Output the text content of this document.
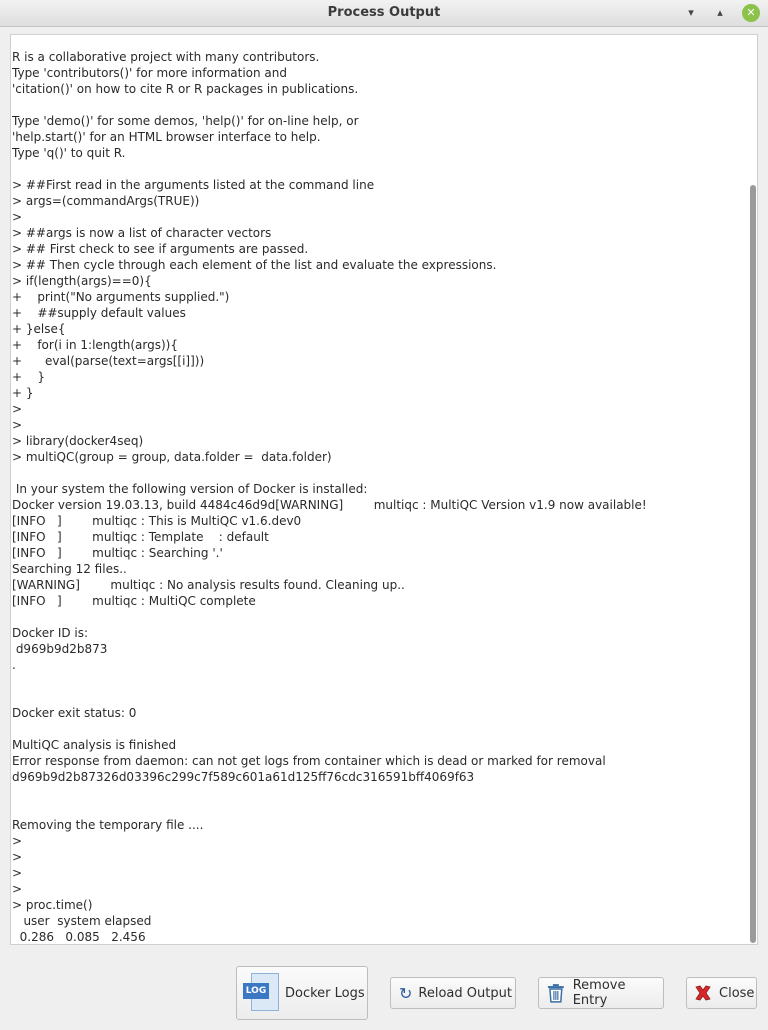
Process Output	▾	▴	✕
R is a collaborative project with many contributors.
Type 'contributors()' for more information and
'citation()' on how to cite R or R packages in publications.

Type 'demo()' for some demos, 'help()' for on-line help, or
'help.start()' for an HTML browser interface to help.
Type 'q()' to quit R.

> ##First read in the arguments listed at the command line
> args=(commandArgs(TRUE))
>
> ##args is now a list of character vectors
> ## First check to see if arguments are passed.
> ## Then cycle through each element of the list and evaluate the expressions.
> if(length(args)==0){
+    print("No arguments supplied.")
+    ##supply default values
+ }else{
+    for(i in 1:length(args)){
+      eval(parse(text=args[[i]]))
+    }
+ }
>
>
> library(docker4seq)
> multiQC(group = group, data.folder =  data.folder)

In your system the following version of Docker is installed:
Docker version 19.03.13, build 4484c46d9d[WARNING]        multiqc : MultiQC Version v1.9 now available!
[INFO   ]        multiqc : This is MultiQC v1.6.dev0
[INFO   ]        multiqc : Template    : default
[INFO   ]        multiqc : Searching '.'
Searching 12 files..
[WARNING]        multiqc : No analysis results found. Cleaning up..
[INFO   ]        multiqc : MultiQC complete

Docker ID is:
d969b9d2b873
.

Docker exit status: 0

MultiQC analysis is finished
Error response from daemon: can not get logs from container which is dead or marked for removal
d969b9d2b87326d03396c299c7f589c601a61d125ff76cdc316591bff4069f63

Removing the temporary file ....
>
>
>
>
> proc.time()
user  system elapsed
0.286   0.085   2.456
LOG Docker Logs ↻ Reload Output	Remove Entry	Close
